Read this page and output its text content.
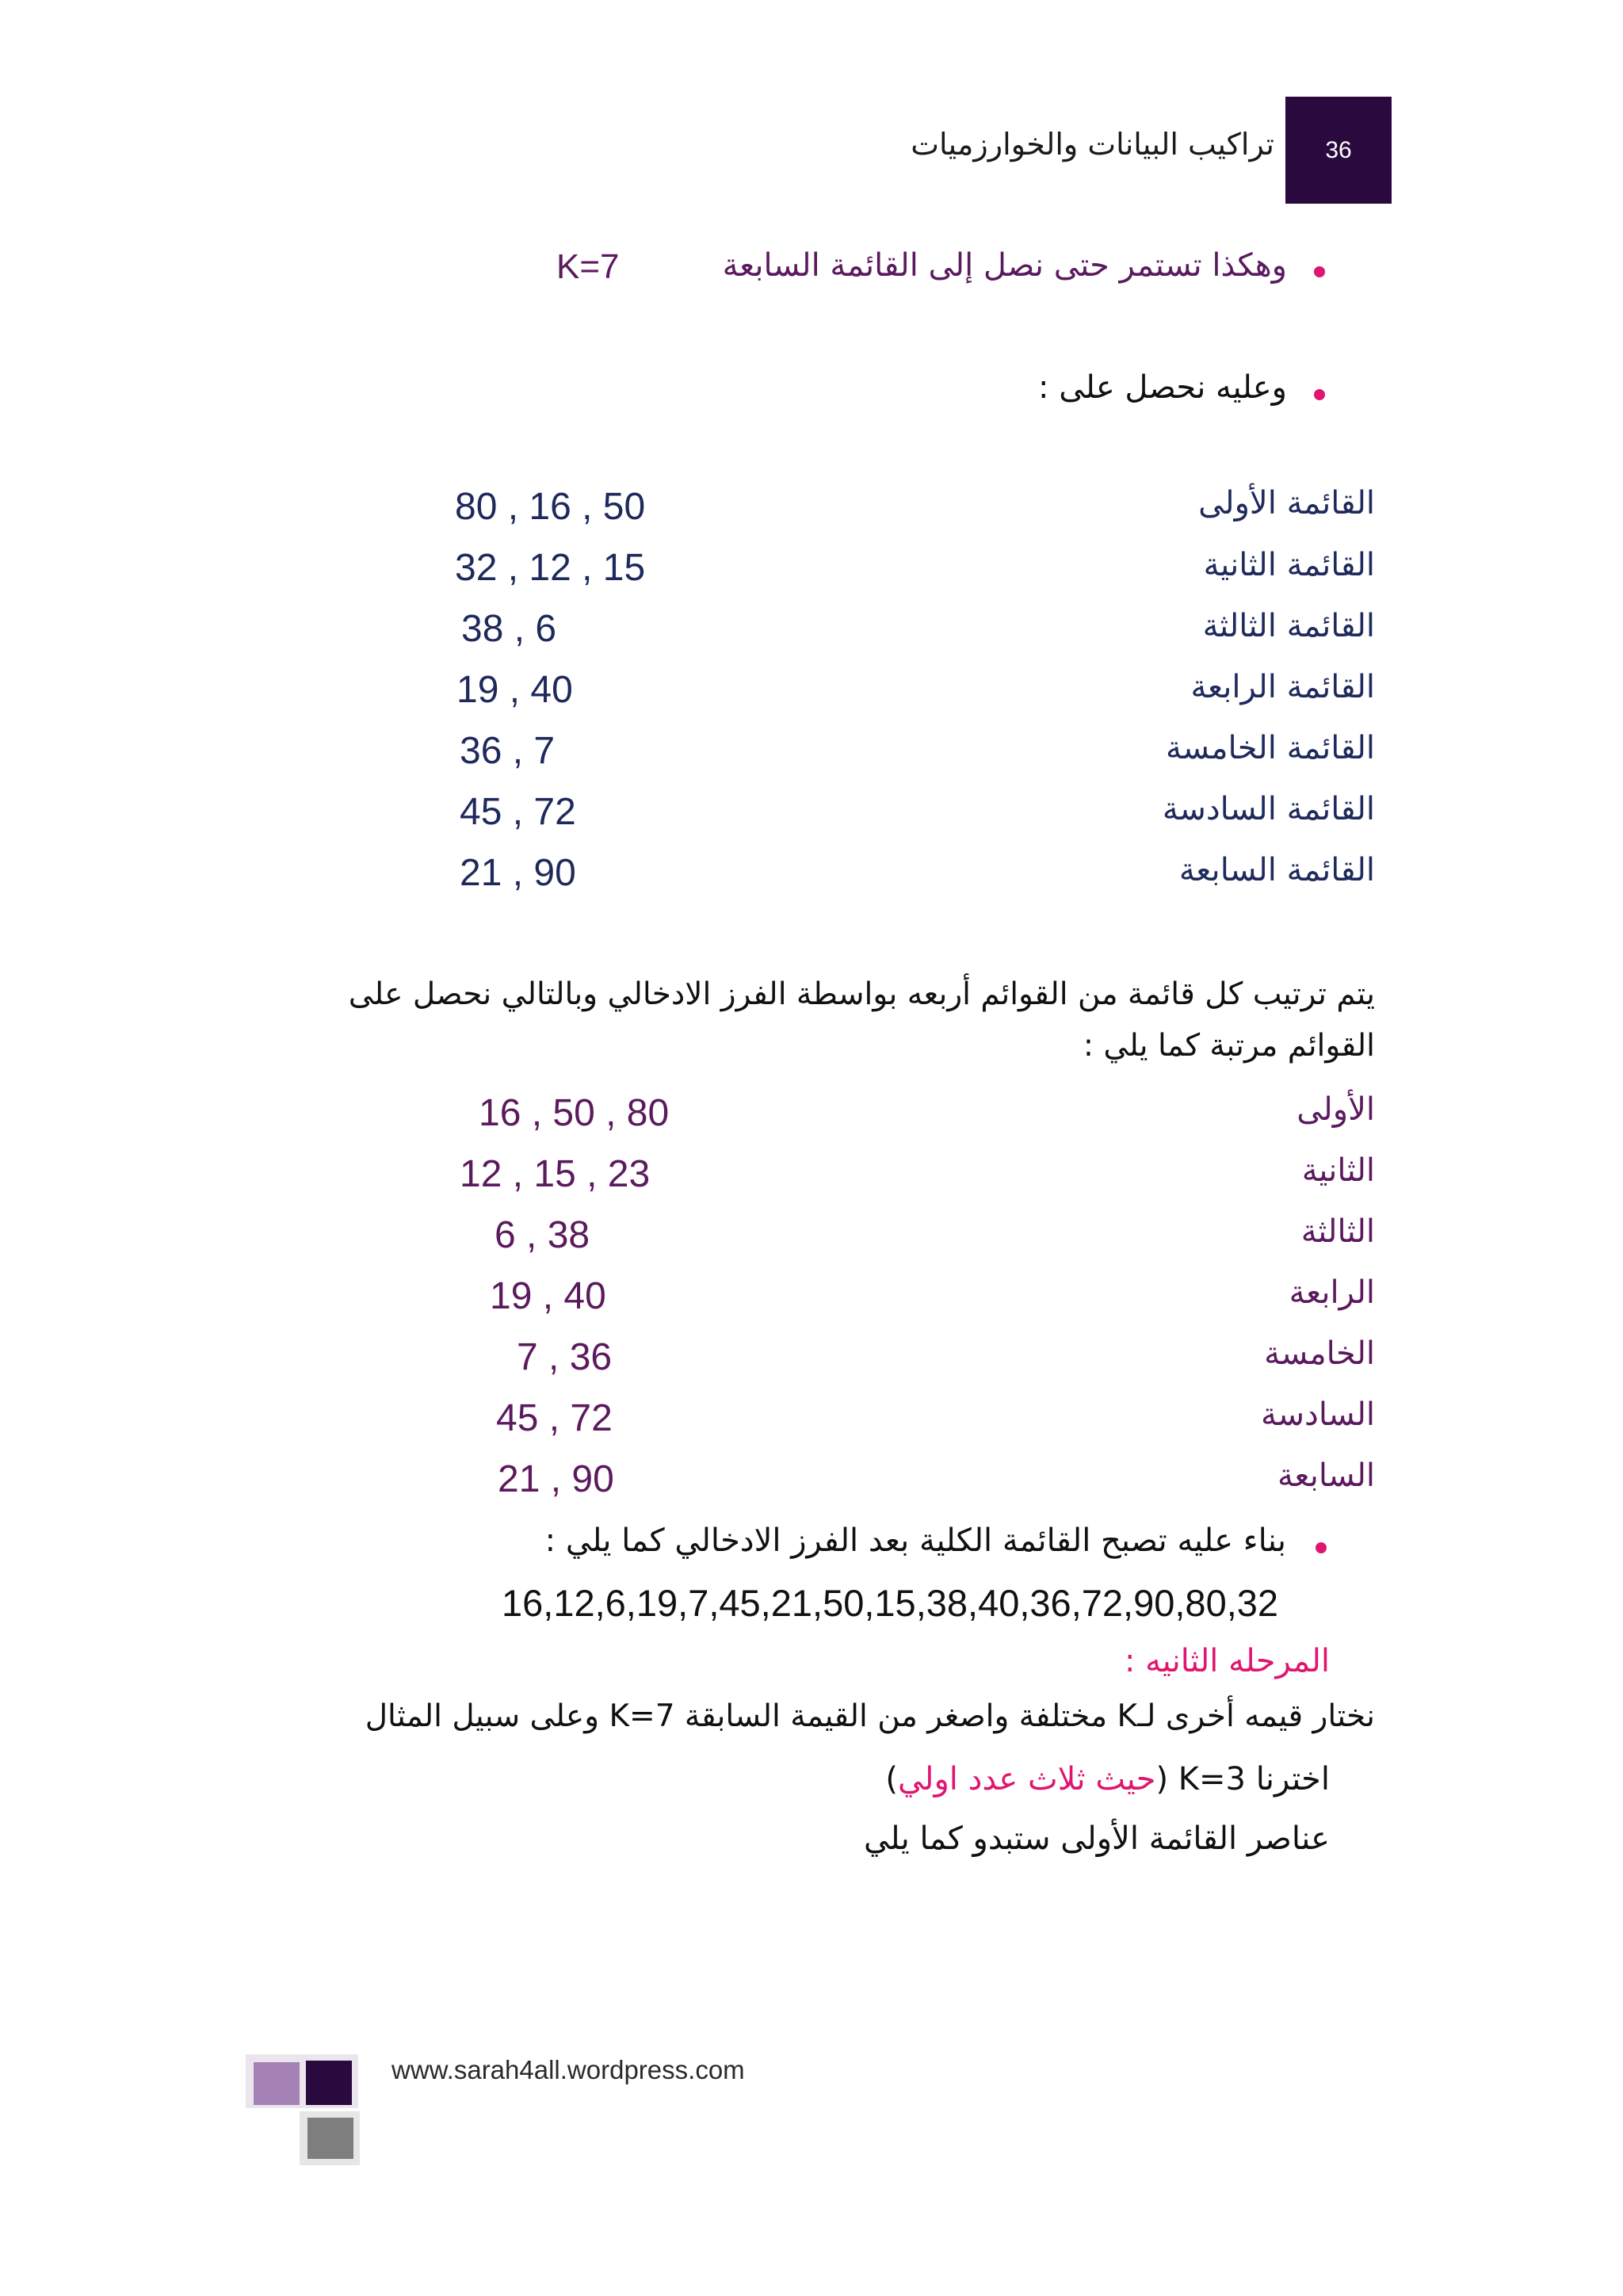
36
تراكيب البيانات والخوارزميات
وهكذا تستمر حتى نصل إلى القائمة السابعة
K=7
وعليه نحصل على :
القائمة الأولى
80 , 16 , 50
القائمة الثانية
32 , 12 , 15
القائمة الثالثة
38 , 6
القائمة الرابعة
19 , 40
القائمة الخامسة
36 , 7
القائمة السادسة
45 , 72
القائمة السابعة
21 , 90
يتم ترتيب كل قائمة من القوائم أربعه بواسطة الفرز الادخالي وبالتالي نحصل على
القوائم مرتبة كما يلي :
الأولى
16 , 50 , 80
الثانية
12 , 15 , 23
الثالثة
6 , 38
الرابعة
19 , 40
الخامسة
7 , 36
السادسة
45 , 72
السابعة
21 , 90
بناء عليه تصبح القائمة الكلية بعد الفرز الادخالي كما يلي :
16,12,6,19,7,45,21,50,15,38,40,36,72,90,80,32
المرحله الثانيه :
نختار قيمه أخرى لـK مختلفة واصغر من القيمة السابقة K=7 وعلى سبيل المثال
اخترنا K=3 (حيث ثلاث عدد اولي)
عناصر القائمة الأولى ستبدو كما يلي
www.sarah4all.wordpress.com
